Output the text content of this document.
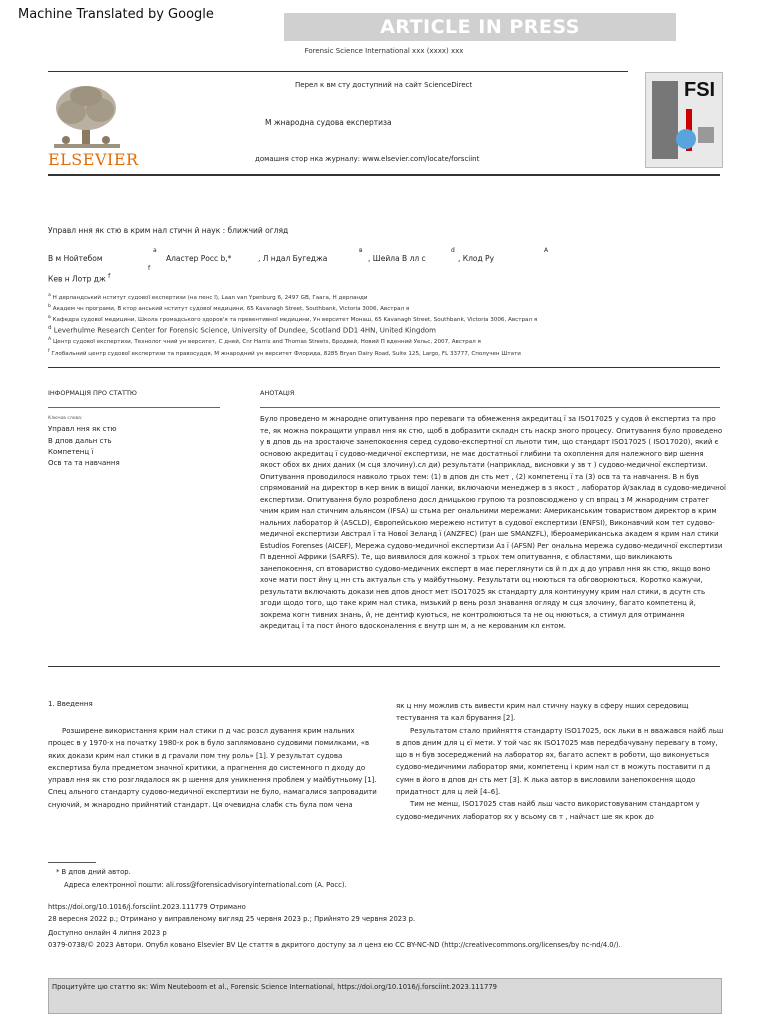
Machine Translated by Google
ARTICLE IN PRESS
Forensic Science International xxx (xxxx) xxx
ELSEVIER
Перел к вм сту доступний на сайт ScienceDirect
М жнародна судова експертиза
домашня стор нка журналу: www.elsevier.com/locate/forsciint
FSI
Управл ння як стю в крим нал стичн й наук : ближчий огляд
В м Нойтебом
a
Аластер Росс b,*
f
, Л ндал Бугеджа
в
, Шейла В лл с
d
, Клод Ру
A
Кев н Лотр дж $^f$
$^a$ Н дерландський нститут судової експертизи (на пенс ї), Laan van Ypenburg 6, 2497 GB, Гаага, Н дерланди
$^b$ Академ чн програми, В ктор анський нститут судової медицини, 65 Kavanagh Street, Southbank, Victoria 3006, Австрал я
$^в$ Кафедра судової медицини, Школа громадського здоров'я та превентивної медицини, Ун верситет Монаш, 65 Kavanagh Street, Southbank, Victoria 3006, Австрал я
$^d$ Leverhulme Research Center for Forensic Science, University of Dundee, Scotland DD1 4HN, United Kingdom
$^A$ Центр судової експертизи, Технолог чний ун верситет, С дней, Cnr Harris and Thomas Streets, Бродвей, Новий П вденний Уельс, 2007, Австрал я
$^f$ Глобальний центр судової експертизи та правосуддя, М жнародний ун верситет Флорида, 8285 Bryan Dairy Road, Suite 125, Largo, FL 33777, Сполучен Штати
ІНФОРМАЦІЯ ПРО СТАТТЮ
Ключов слова:
Управл ння як стю
В дпов дальн сть
Компетенц ї
Осв та та навчання
АНОТАЦІЯ

Було проведено м жнародне опитування про переваги та обмеження акредитац ї за ISO17025 у судов й експертиз та про те, як можна покращити управл ння як стю, щоб в добразити складн сть наскр зного процесу. Опитування було проведено у в дпов дь на зростаюче занепокоєння серед судово-експертної сп льноти тим, що стандарт ISO17025 ( ISO17020), який є основою акредитац ї судово-медичної експертизи, не має достатньої глибини та охоплення для належного вир шення якост обох вх дних даних (м сця злочину).сл ди) результати (наприклад, висновки у зв т ) судово-медичної експертизи. Опитування проводилося навколо трьох тем: (1) в дпов дн сть мет , (2) компетенц ї та (3) осв та та навчання. В н був спрямований на директор в кер вник в вищої ланки, включаючи менеджер в з якост , лаборатор й/заклад в судово-медичної експертизи. Опитування було розроблено досл дницькою групою та розповсюджено у сп впрац з М жнародним стратег чним крим нал стичним альянсом (IFSA) ш стьма рег ональними мережами: Американським товариством директор в крим нальних лаборатор й (ASCLD), Європейською мережею нститут в судової експертизи (ENFSI), Виконавчий ком тет судово-медичної експертизи Австрал ї та Нової Зеланд ї (ANZFEC) (ран ше SMANZFL), Іберoамериканська академ я крим нал стики Estudios Forenses (AICEF), Мережа судово-медичної експертизи Аз ї (AFSN) Рег ональна мережа судово-медичної експертизи П вденної Африки (SARFS). Те, що виявилося для кожної з трьох тем опитування, є областями, що викликають занепокоєння, сп втовариство судово-медичних експерт в має переглянути св й п дх д до управл ння як стю, якщо воно хоче мати пост йну ц нн сть актуальн сть у майбутньому. Результати оц нюються та обговорюються. Коротко кажучи, результати включають докази нев дпов дност мет ISO17025 як стандарту для континууму крим нал стики, в дсутн сть згоди щодо того, що таке крим нал стика, низький р вень розл знавання огляду м сця злочину, багато компетенц й, зокрема когн тивних знань, й, не дентиф куються, не контролюються та не оц нюються, а стимул для отримання акредитац ї та пост йного вдосконалення є внутр шн м, а не керованим кл єнтом.

1. Введення

Розширене використання крим нал стики п д час розсл дування крим нальних процес в у 1970-х на початку 1980-х рок в було заплямовано судовими помилками, «в яких докази крим нал стики в д грavали пом тну роль» [1]. У результат судова експертиза була предметом значної критики, а прагнення до системного п дходу до управл ння як стю розглядалося як р шення для уникнення проблем у майбутньому [1]. Спец ального стандарту судово-медичної експертизи не було, намагалися запровадити снуючий, м жнародно прийнятий стандарт. Ця очевидна слабк сть була пом чена

як ц нну можлив сть вивести крим нал стичну науку в сферу нших середовищ тестування та кал брування [2].

Результатом стало прийняття стандарту ISO17025, оск льки в н вважався найб льш в дпов дним для ц єї мети. У той час як ISO17025 мав передбачувану перевагу в тому, що в н був зосереджений на лаборатор ях, багато аспект в роботи, що виконується судово-медичними лаборатор ями, компетенц і крим нал ст в можуть поставити п д сумн в його в дпов дн сть мет [3]. К лька автор в висловили занепокоєння щодо придатност для ц лей [4–6].

Тим не менш, ISO17025 став найб льш часто використовуваним стандартом у судово-медичних лаборатор ях у всьому св т , найчаст ше як крок до

* В дпов дний автор.
Адреса електронної пошти: ali.ross@forensicadvisoryinternational.com (А. Росс).
https://doi.org/10.1016/j.forsciint.2023.111779 Отримано
28 вересня 2022 р.; Отримано у виправленому вигляд 25 червня 2023 р.; Прийнято 29 червня 2023 р.
Доступно онлайн 4 липня 2023 р
0379-0738/© 2023 Автори. Опубл ковано Elsevier BV Це стаття в дкритого доступу за л ценз єю CC BY-NC-ND (http://creativecommons.org/licenses/by nc-nd/4.0/).
Процитуйте цю статтю як: Wim Neuteboom et al., Forensic Science International, https://doi.org/10.1016/j.forsciint.2023.111779
